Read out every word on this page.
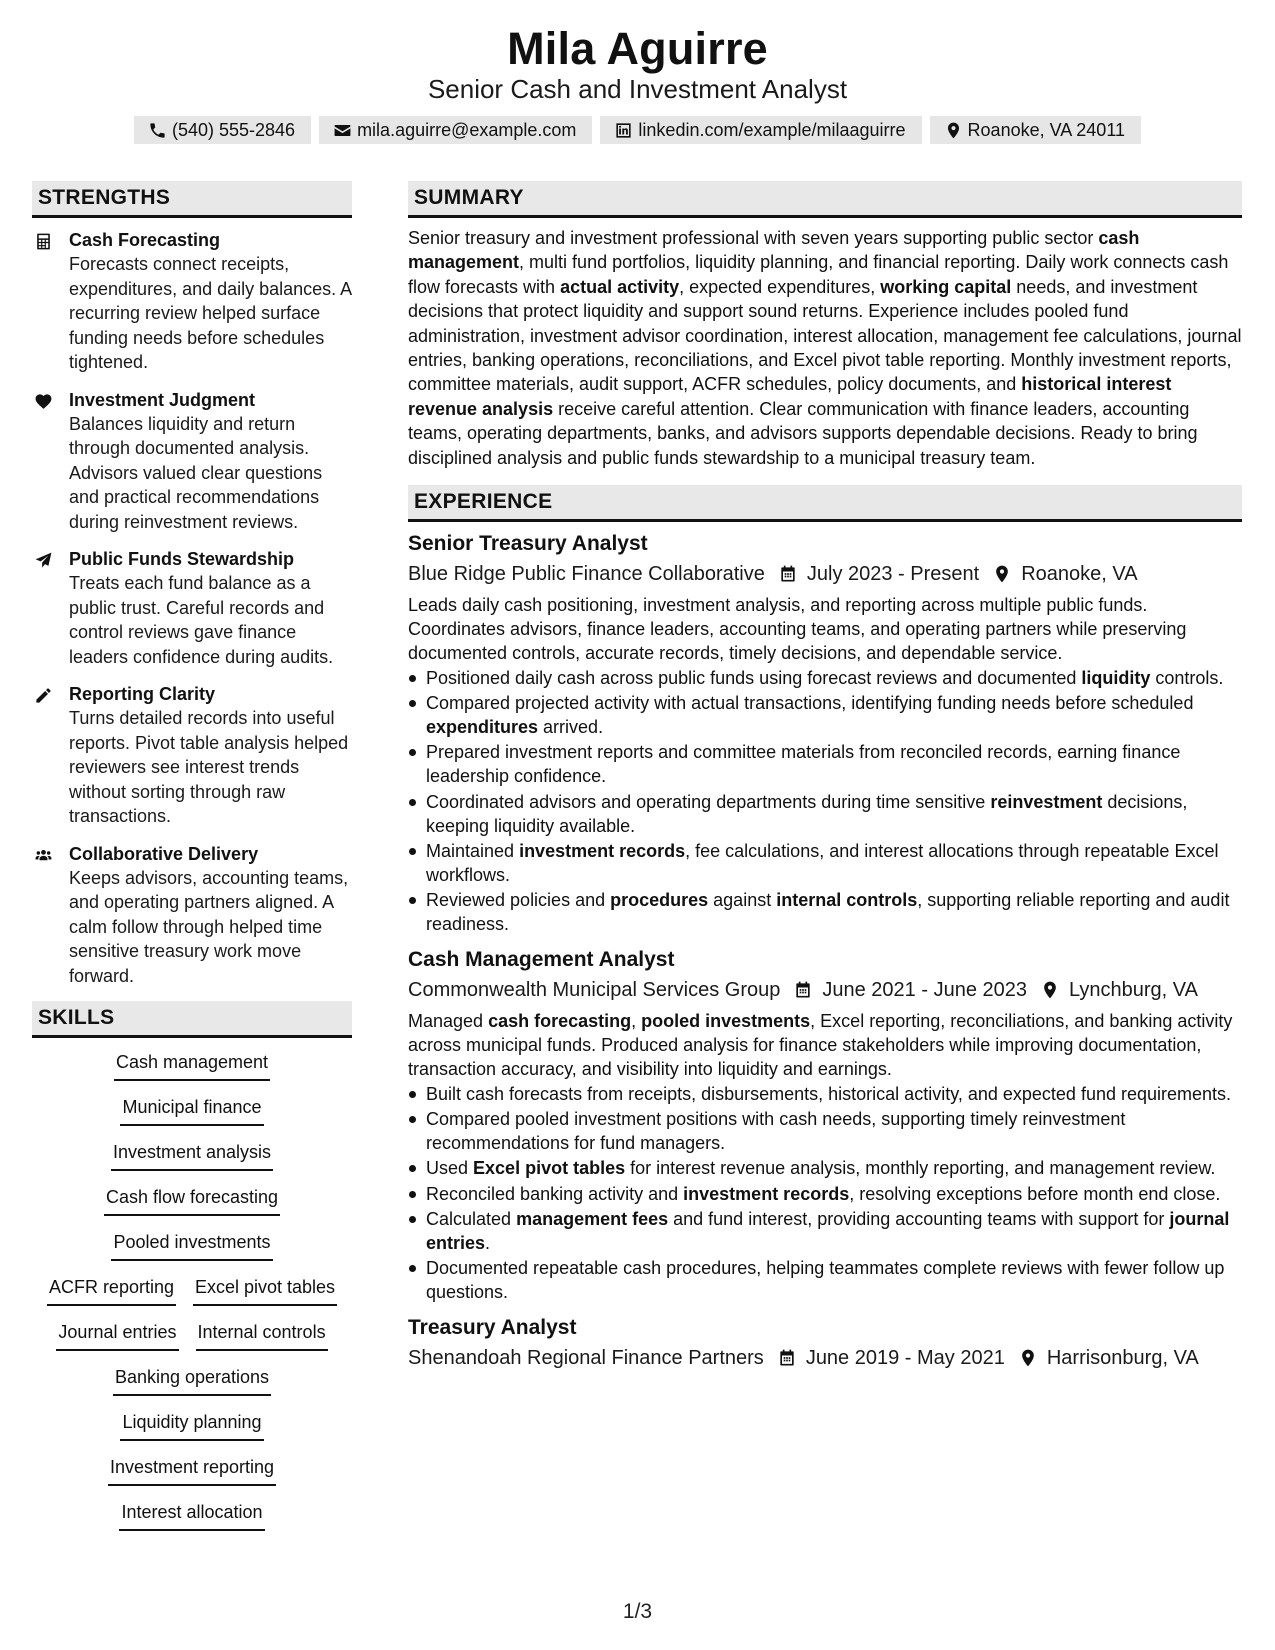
Mila Aguirre
Senior Cash and Investment Analyst
(540) 555-2846	mila.aguirre@example.com	linkedin.com/example/milaaguirre	Roanoke, VA 24011
STRENGTHS
Cash Forecasting
Forecasts connect receipts, expenditures, and daily balances. A recurring review helped surface funding needs before schedules tightened.
Investment Judgment
Balances liquidity and return through documented analysis. Advisors valued clear questions and practical recommendations during reinvestment reviews.
Public Funds Stewardship
Treats each fund balance as a public trust. Careful records and control reviews gave finance leaders confidence during audits.
Reporting Clarity
Turns detailed records into useful reports. Pivot table analysis helped reviewers see interest trends without sorting through raw transactions.
Collaborative Delivery
Keeps advisors, accounting teams, and operating partners aligned. A calm follow through helped time sensitive treasury work move forward.
SKILLS
Cash management
Municipal finance
Investment analysis
Cash flow forecasting
Pooled investments
ACFR reporting Excel pivot tables
Journal entries Internal controls
Banking operations
Liquidity planning
Investment reporting
Interest allocation
SUMMARY
Senior treasury and investment professional with seven years supporting public sector cash management, multi fund portfolios, liquidity planning, and financial reporting. Daily work connects cash flow forecasts with actual activity, expected expenditures, working capital needs, and investment decisions that protect liquidity and support sound returns. Experience includes pooled fund administration, investment advisor coordination, interest allocation, management fee calculations, journal entries, banking operations, reconciliations, and Excel pivot table reporting. Monthly investment reports, committee materials, audit support, ACFR schedules, policy documents, and historical interest revenue analysis receive careful attention. Clear communication with finance leaders, accounting teams, operating departments, banks, and advisors supports dependable decisions. Ready to bring disciplined analysis and public funds stewardship to a municipal treasury team.
EXPERIENCE
Senior Treasury Analyst
Blue Ridge Public Finance Collaborative July 2023 - Present Roanoke, VA
Leads daily cash positioning, investment analysis, and reporting across multiple public funds. Coordinates advisors, finance leaders, accounting teams, and operating partners while preserving documented controls, accurate records, timely decisions, and dependable service.
Positioned daily cash across public funds using forecast reviews and documented liquidity controls.
Compared projected activity with actual transactions, identifying funding needs before scheduled expenditures arrived.
Prepared investment reports and committee materials from reconciled records, earning finance leadership confidence.
Coordinated advisors and operating departments during time sensitive reinvestment decisions, keeping liquidity available.
Maintained investment records, fee calculations, and interest allocations through repeatable Excel workflows.
Reviewed policies and procedures against internal controls, supporting reliable reporting and audit readiness.
Cash Management Analyst
Commonwealth Municipal Services Group June 2021 - June 2023 Lynchburg, VA
Managed cash forecasting, pooled investments, Excel reporting, reconciliations, and banking activity across municipal funds. Produced analysis for finance stakeholders while improving documentation, transaction accuracy, and visibility into liquidity and earnings.
Built cash forecasts from receipts, disbursements, historical activity, and expected fund requirements.
Compared pooled investment positions with cash needs, supporting timely reinvestment recommendations for fund managers.
Used Excel pivot tables for interest revenue analysis, monthly reporting, and management review.
Reconciled banking activity and investment records, resolving exceptions before month end close.
Calculated management fees and fund interest, providing accounting teams with support for journal entries.
Documented repeatable cash procedures, helping teammates complete reviews with fewer follow up questions.
Treasury Analyst
Shenandoah Regional Finance Partners June 2019 - May 2021 Harrisonburg, VA
1/3
